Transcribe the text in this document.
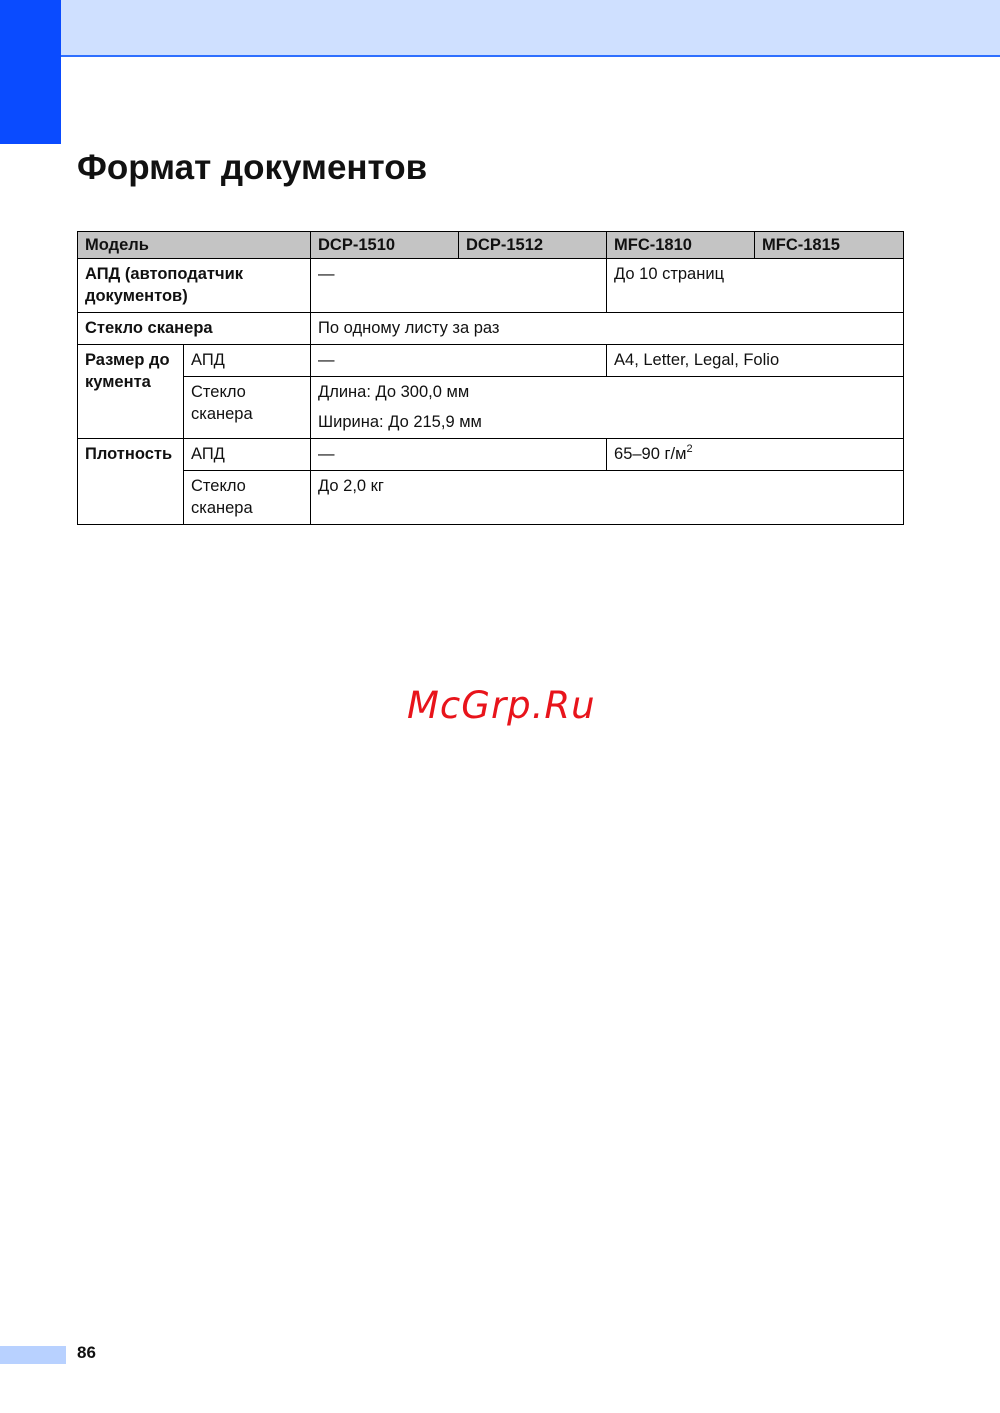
Формат документов
Модель		DCP-1510	DCP-1512	MFC-1810	MFC-1815
АПД (автоподатчик документов)		—		До 10 страниц	
Стекло сканера		По одному листу за раз			
Размер до кумента	АПД	—		A4, Letter, Legal, Folio	
	Стекло сканера	Длина: До 300,0 мм
Ширина: До 215,9 мм			

Плотность	АПД	—		65–90 $г/м^2$
	Стекло сканера	До 2,0 кг			
McGrp.Ru
86
